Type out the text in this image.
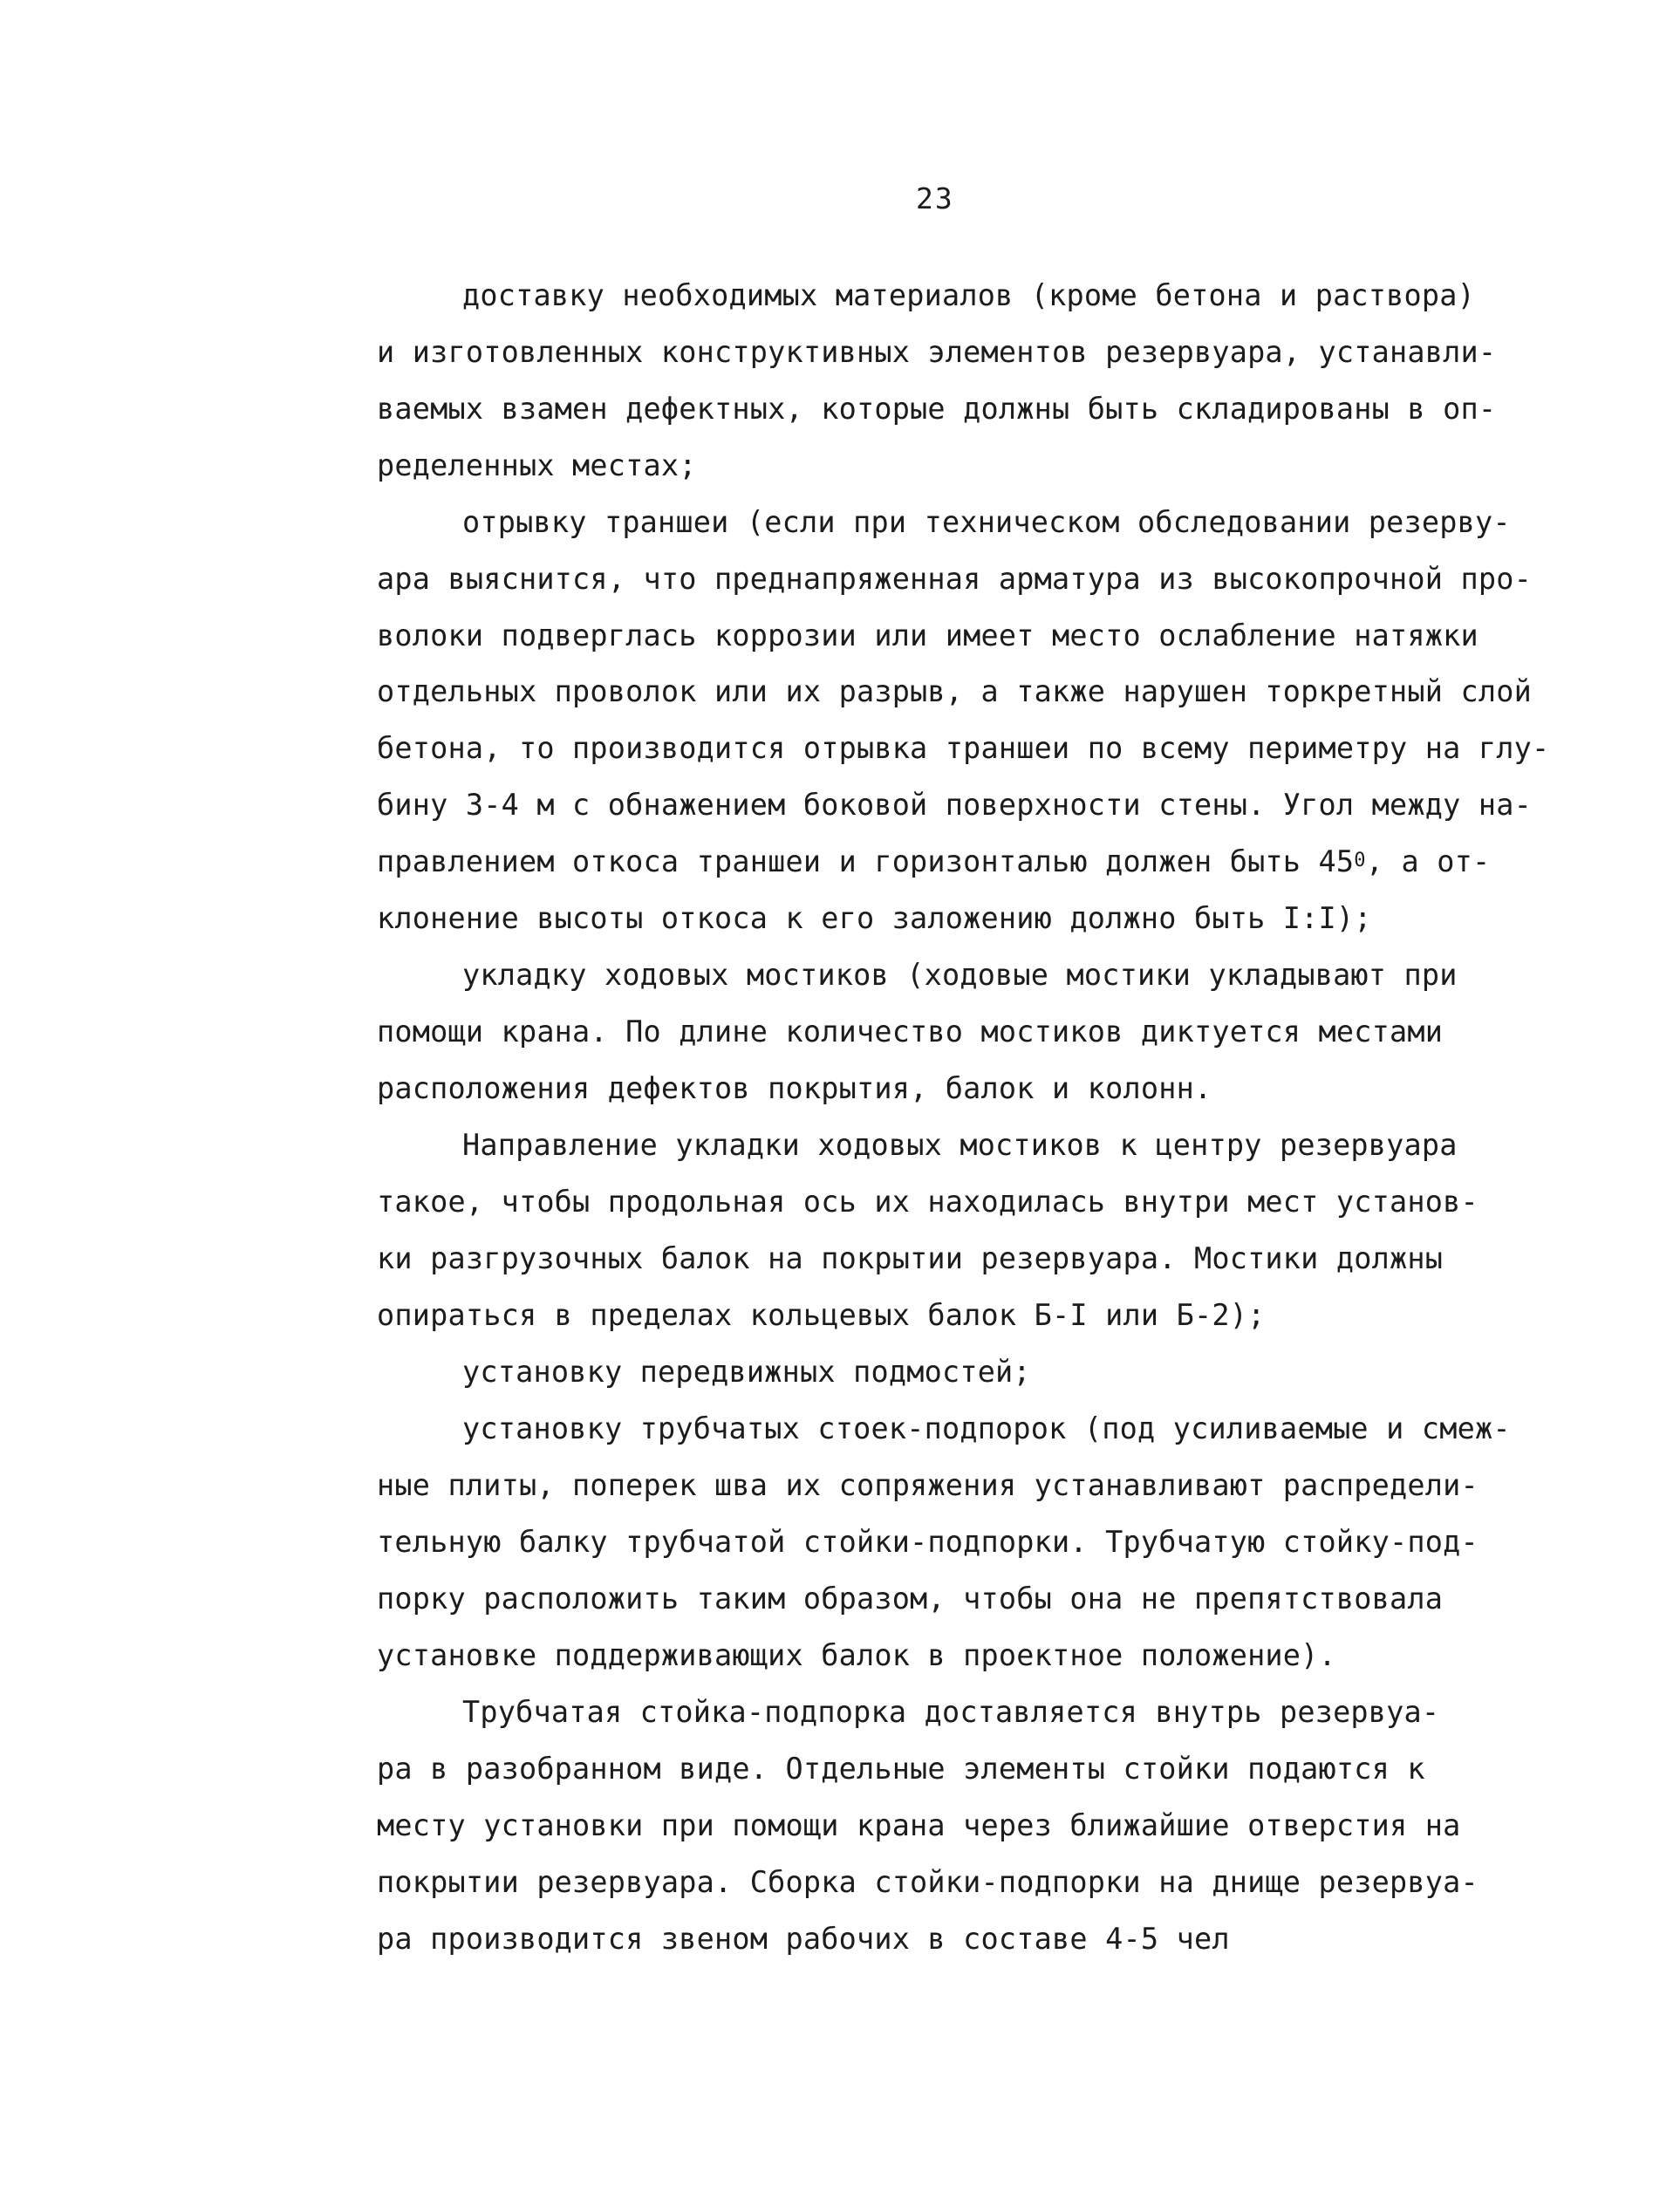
23
доставку необходимых материалов (кроме бетона и раствора)
и изготовленных конструктивных элементов резервуара, устанавли-
ваемых взамен дефектных, которые должны быть складированы в оп-
ределенных местах;
отрывку траншеи (если при техническом обследовании резерву-
ара выяснится, что преднапряженная арматура из высокопрочной про-
волоки подверглась коррозии или имеет место ослабление натяжки
отдельных проволок или их разрыв, а также нарушен торкретный слой
бетона, то производится отрывка траншеи по всему периметру на глу-
бину 3-4 м с обнажением боковой поверхности стены. Угол между на-
правлением откоса траншеи и горизонталью должен быть $45^0$, а от-
клонение высоты откоса к его заложению должно быть I:I);
укладку ходовых мостиков (ходовые мостики укладывают при
помощи крана. По длине количество мостиков диктуется местами
расположения дефектов покрытия, балок и колонн.
Направление укладки ходовых мостиков к центру резервуара
такое, чтобы продольная ось их находилась внутри мест установ-
ки разгрузочных балок на покрытии резервуара. Мостики должны
опираться в пределах кольцевых балок Б-I или Б-2);
установку передвижных подмостей;
установку трубчатых стоек-подпорок (под усиливаемые и смеж-
ные плиты, поперек шва их сопряжения устанавливают распредели-
тельную балку трубчатой стойки-подпорки. Трубчатую стойку-под-
порку расположить таким образом, чтобы она не препятствовала
установке поддерживающих балок в проектное положение).
Трубчатая стойка-подпорка доставляется внутрь резервуа-
ра в разобранном виде. Отдельные элементы стойки подаются к
месту установки при помощи крана через ближайшие отверстия на
покрытии резервуара. Сборка стойки-подпорки на днище резервуа-
ра производится звеном рабочих в составе 4-5 чел
